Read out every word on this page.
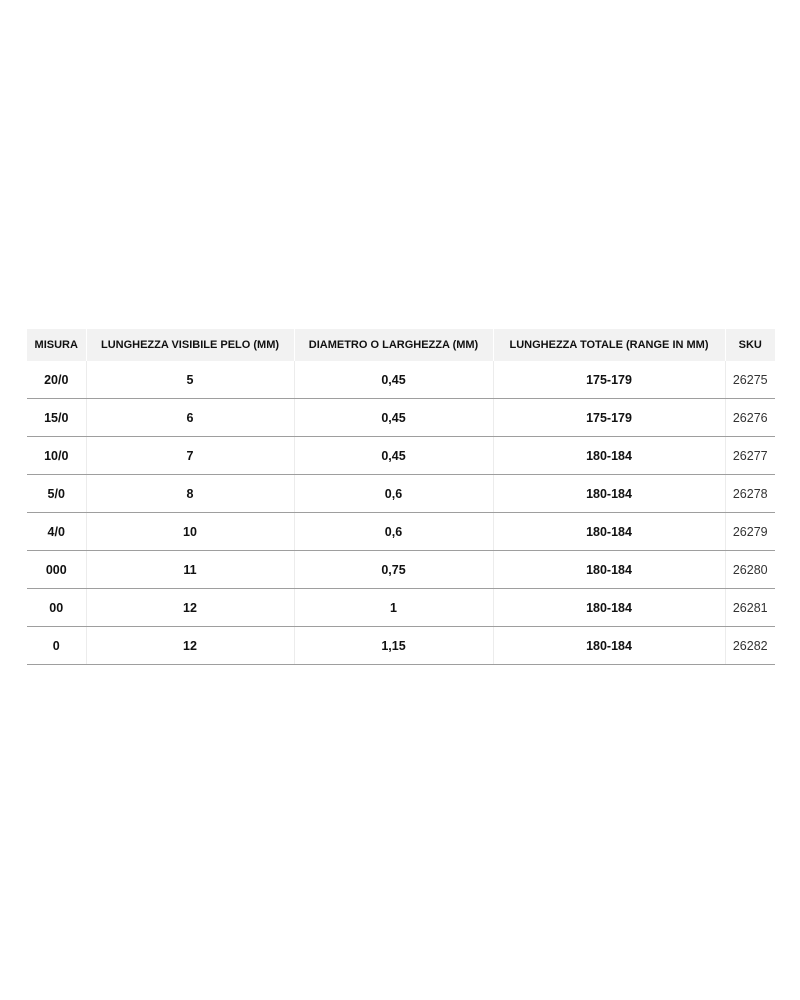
MISURA	LUNGHEZZA VISIBILE PELO (MM)	DIAMETRO O LARGHEZZA (MM)	LUNGHEZZA TOTALE (RANGE IN MM)	SKU
20/0	5	0,45	175-179	26275
15/0	6	0,45	175-179	26276
10/0	7	0,45	180-184	26277
5/0	8	0,6	180-184	26278
4/0	10	0,6	180-184	26279
000	11	0,75	180-184	26280
00	12	1	180-184	26281
0	12	1,15	180-184	26282
